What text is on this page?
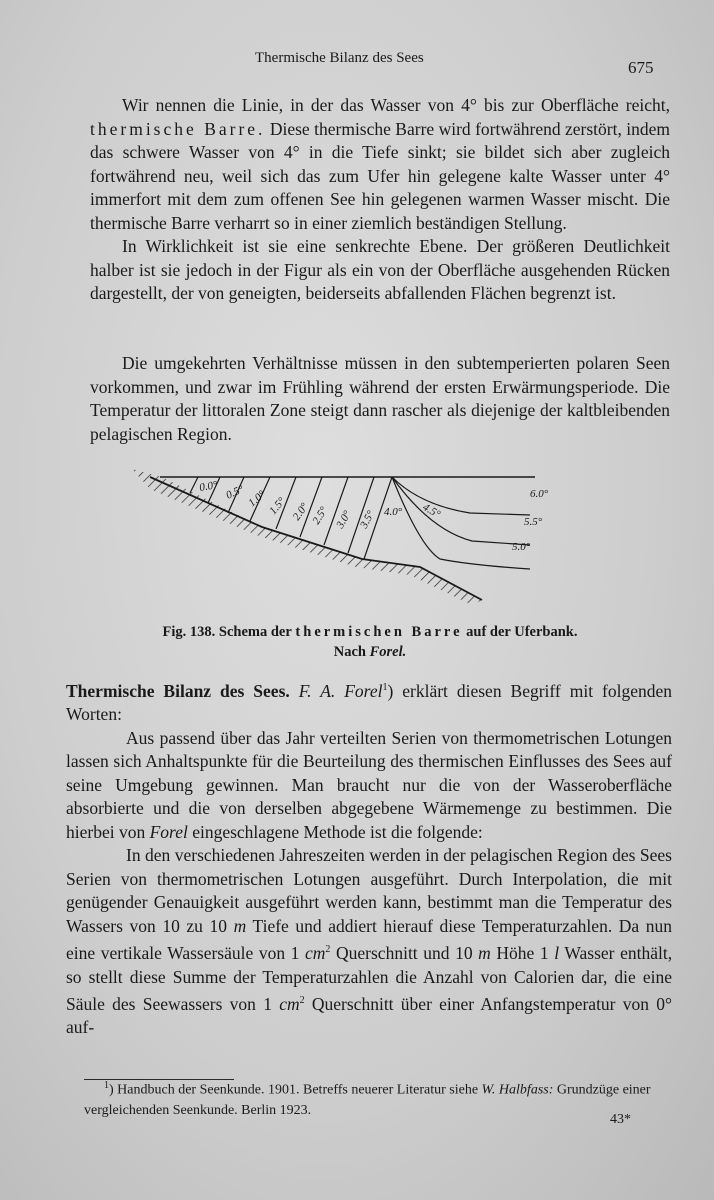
Thermische Bilanz des Sees	675

Wir nennen die Linie, in der das Wasser von 4° bis zur Oberfläche reicht, thermische Barre. Diese thermische Barre wird fortwährend zerstört, indem das schwere Wasser von 4° in die Tiefe sinkt; sie bildet sich aber zugleich fortwährend neu, weil sich das zum Ufer hin gelegene kalte Wasser unter 4° immerfort mit dem zum offenen See hin gelegenen warmen Wasser mischt. Die thermische Barre verharrt so in einer ziemlich beständigen Stellung.

In Wirklichkeit ist sie eine senkrechte Ebene. Der größeren Deutlichkeit halber ist sie jedoch in der Figur als ein von der Oberfläche ausgehenden Rücken dargestellt, der von geneigten, beiderseits abfallenden Flächen begrenzt ist.

Die umgekehrten Verhältnisse müssen in den subtemperierten polaren Seen vorkommen, und zwar im Frühling während der ersten Erwärmungsperiode. Die Temperatur der littoralen Zone steigt dann rascher als diejenige der kaltbleibenden pelagischen Region.

0.0° 0.5° 1.0° 1.5° 2.0° 2.5° 3.0° 3.5° 4.0° 4.5°
6.0°
5.5°
5.0°
Fig. 138. Schema der thermischen Barre auf der Uferbank.
Nach Forel.

Thermische Bilanz des Sees. F. A. Forel$^1$) erklärt diesen Begriff mit folgenden Worten:

Aus passend über das Jahr verteilten Serien von thermometrischen Lotungen lassen sich Anhaltspunkte für die Beurteilung des thermischen Einflusses des Sees auf seine Umgebung gewinnen. Man braucht nur die von der Wasseroberfläche absorbierte und die von derselben abgegebene Wärmemenge zu bestimmen. Die hierbei von Forel eingeschlagene Methode ist die folgende:

In den verschiedenen Jahreszeiten werden in der pelagischen Region des Sees Serien von thermometrischen Lotungen ausgeführt. Durch Interpolation, die mit genügender Genauigkeit ausgeführt werden kann, bestimmt man die Temperatur des Wassers von 10 zu 10 m Tiefe und addiert hierauf diese Temperaturzahlen. Da nun eine vertikale Wassersäule von 1 $cm^2$ Querschnitt und 10 m Höhe 1 l Wasser enthält, so stellt diese Summe der Temperaturzahlen die Anzahl von Calorien dar, die eine Säule des Seewassers von 1 $cm^2$ Querschnitt über einer Anfangstemperatur von 0° auf-

$^1$) Handbuch der Seenkunde. 1901. Betreffs neuerer Literatur siehe W. Halbfass: Grundzüge einer vergleichenden Seenkunde. Berlin 1923.

43*
